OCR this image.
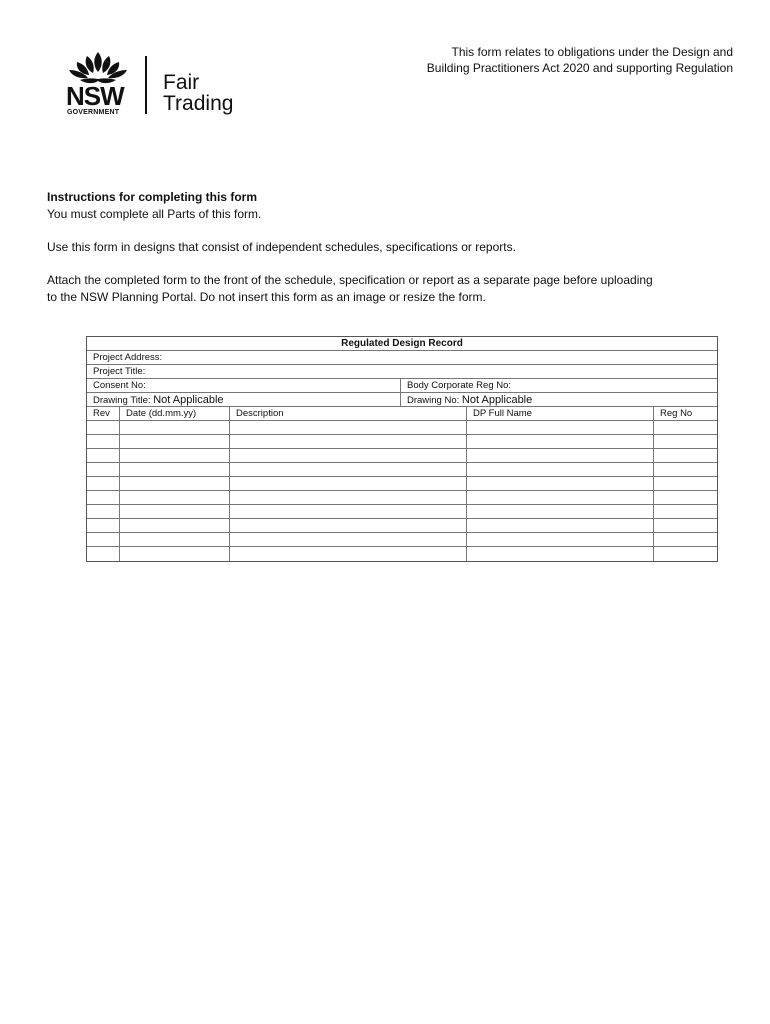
NSW
GOVERNMENT
Fair Trading
This form relates to obligations under the Design and
Building Practitioners Act 2020 and supporting Regulation
Instructions for completing this form
You must complete all Parts of this form.
Use this form in designs that consist of independent schedules, specifications or reports.
Attach the completed form to the front of the schedule, specification or report as a separate page before uploading
to the NSW Planning Portal. Do not insert this form as an image or resize the form.
Regulated Design Record
Project Address:
Project Title:
Consent No:	Body Corporate Reg No:
Drawing Title: Not Applicable	Drawing No: Not Applicable
Rev	Date (dd.mm.yy)	Description	DP Full Name	Reg No
